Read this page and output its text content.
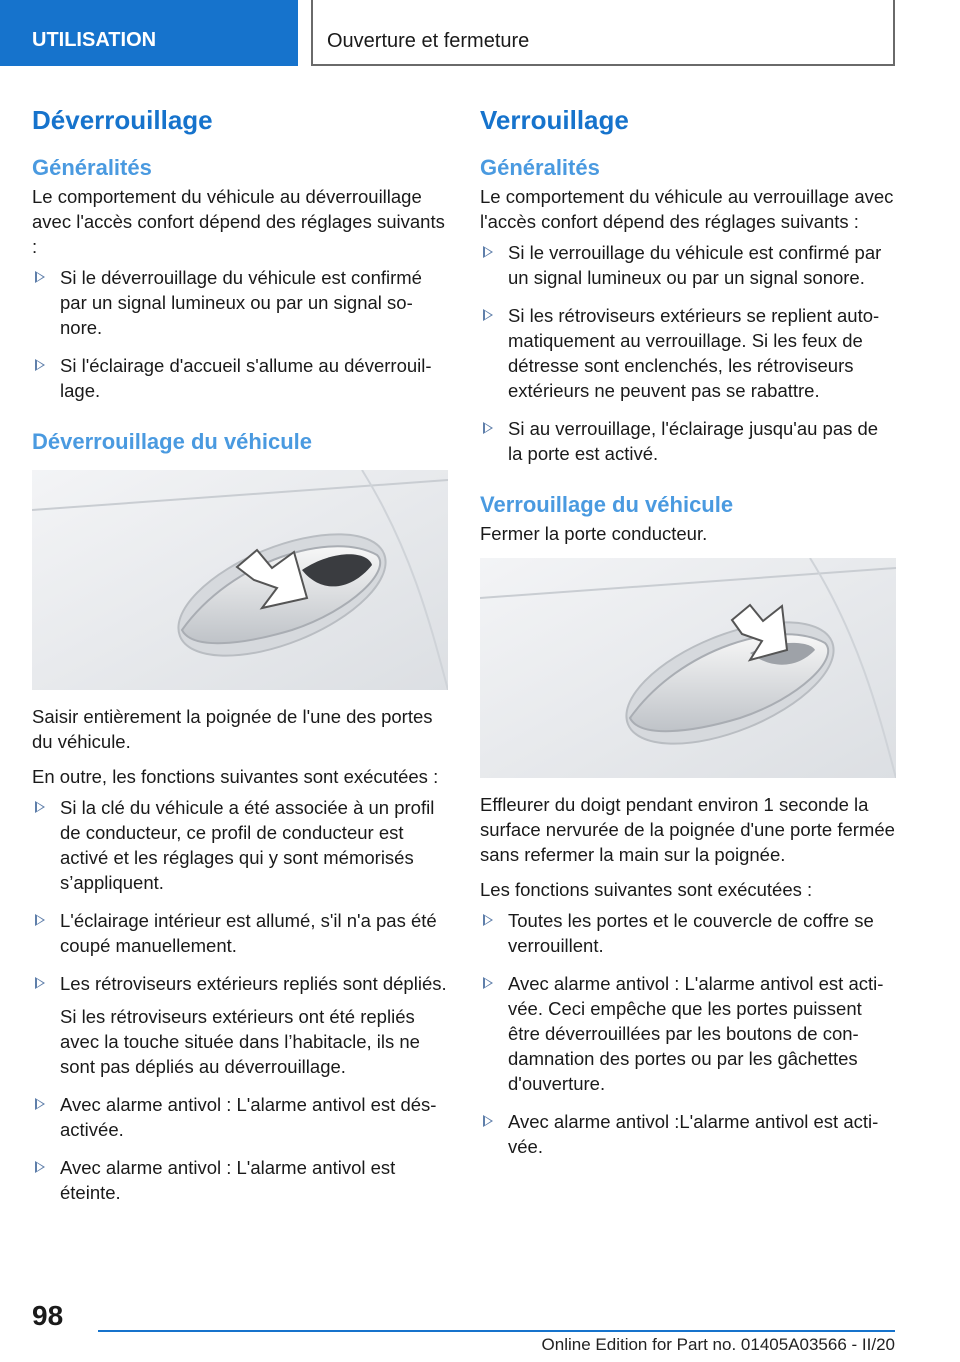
UTILISATION	Ouverture et fermeture
Déverrouillage
Généralités

Le comportement du véhicule au déverrouillage avec l'accès confort dépend des réglages suivants :

Si le déverrouillage du véhicule est confirmé par un signal lumineux ou par un signal sonore.
Si l'éclairage d'accueil s'allume au déverrouillage.
Déverrouillage du véhicule

Saisir entièrement la poignée de l'une des portes du véhicule.

En outre, les fonctions suivantes sont exécutées :

Si la clé du véhicule a été associée à un profil de conducteur, ce profil de conducteur est activé et les réglages qui y sont mémorisés s’appliquent.
L'éclairage intérieur est allumé, s'il n'a pas été coupé manuellement.
Les rétroviseurs extérieurs repliés sont dépliés.
Si les rétroviseurs extérieurs ont été repliés avec la touche située dans l’habitacle, ils ne sont pas dépliés au déverrouillage.
Avec alarme antivol : L'alarme antivol est désactivée.
Avec alarme antivol : L'alarme antivol est éteinte.
Verrouillage
Généralités

Le comportement du véhicule au verrouillage avec l'accès confort dépend des réglages suivants :

Si le verrouillage du véhicule est confirmé par un signal lumineux ou par un signal sonore.
Si les rétroviseurs extérieurs se replient automatiquement au verrouillage. Si les feux de détresse sont enclenchés, les rétroviseurs extérieurs ne peuvent pas se rabattre.
Si au verrouillage, l'éclairage jusqu'au pas de la porte est activé.
Verrouillage du véhicule

Fermer la porte conducteur.

Effleurer du doigt pendant environ 1 seconde la surface nervurée de la poignée d'une porte fermée sans refermer la main sur la poignée.

Les fonctions suivantes sont exécutées :

Toutes les portes et le couvercle de coffre se verrouillent.
Avec alarme antivol : L'alarme antivol est activée. Ceci empêche que les portes puissent être déverrouillées par les boutons de condamnation des portes ou par les gâchettes d'ouverture.
Avec alarme antivol :L'alarme antivol est activée.
98
Online Edition for Part no. 01405A03566 - II/20
